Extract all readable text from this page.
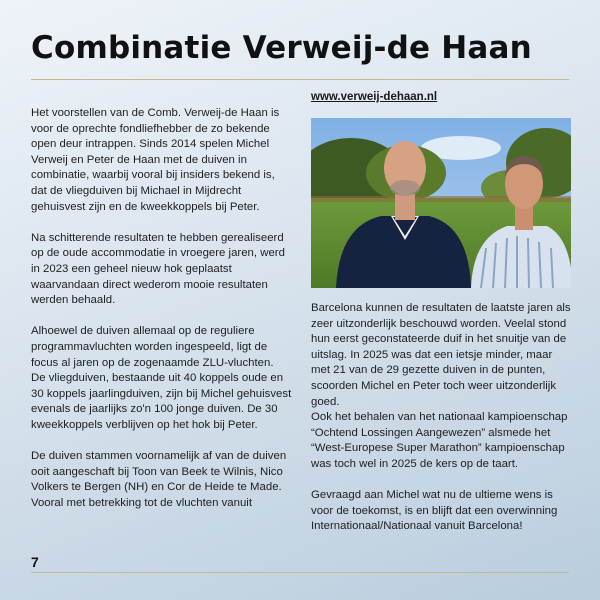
Combinatie Verweij-de Haan

Het voorstellen van de Comb. Verweij-de Haan is voor de oprechte fondliefhebber de zo bekende open deur intrappen. Sinds 2014 spelen Michel Verweij en Peter de Haan met de duiven in combinatie, waarbij vooral bij insiders bekend is, dat de vliegduiven bij Michael in Mijdrecht gehuisvest zijn en de kweekkoppels bij Peter.

Na schitterende resultaten te hebben gerealiseerd op de oude accommodatie in vroegere jaren, werd in 2023 een geheel nieuw hok geplaatst waarvandaan direct wederom mooie resultaten werden behaald.

Alhoewel de duiven allemaal op de reguliere programmavluchten worden ingespeeld, ligt de focus al jaren op de zogenaamde ZLU-vluchten.

De vliegduiven, bestaande uit 40 koppels oude en 30 koppels jaarlingduiven, zijn bij Michel gehuisvest evenals de jaarlijks zo'n 100 jonge duiven. De 30 kweekkoppels verblijven op het hok bij Peter.

De duiven stammen voornamelijk af van de duiven ooit aangeschaft bij Toon van Beek te Wilnis, Nico Volkers te Bergen (NH) en Cor de Heide te Made. Vooral met betrekking tot de vluchten vanuit

www.verweij-dehaan.nl

Barcelona kunnen de resultaten de laatste jaren als zeer uitzonderlijk beschouwd worden. Veelal stond hun eerst geconstateerde duif in het snuitje van de uitslag. In 2025 was dat een ietsje minder, maar met 21 van de 29 gezette duiven in de punten, scoorden Michel en Peter toch weer uitzonderlijk goed.

Ook het behalen van het nationaal kampioenschap “Ochtend Lossingen Aangewezen” alsmede het “West-Europese Super Marathon” kampioenschap was toch wel in 2025 de kers op de taart.

Gevraagd aan Michel wat nu de ultieme wens is voor de toekomst, is en blijft dat een overwinning Internationaal/Nationaal vanuit Barcelona!

7
